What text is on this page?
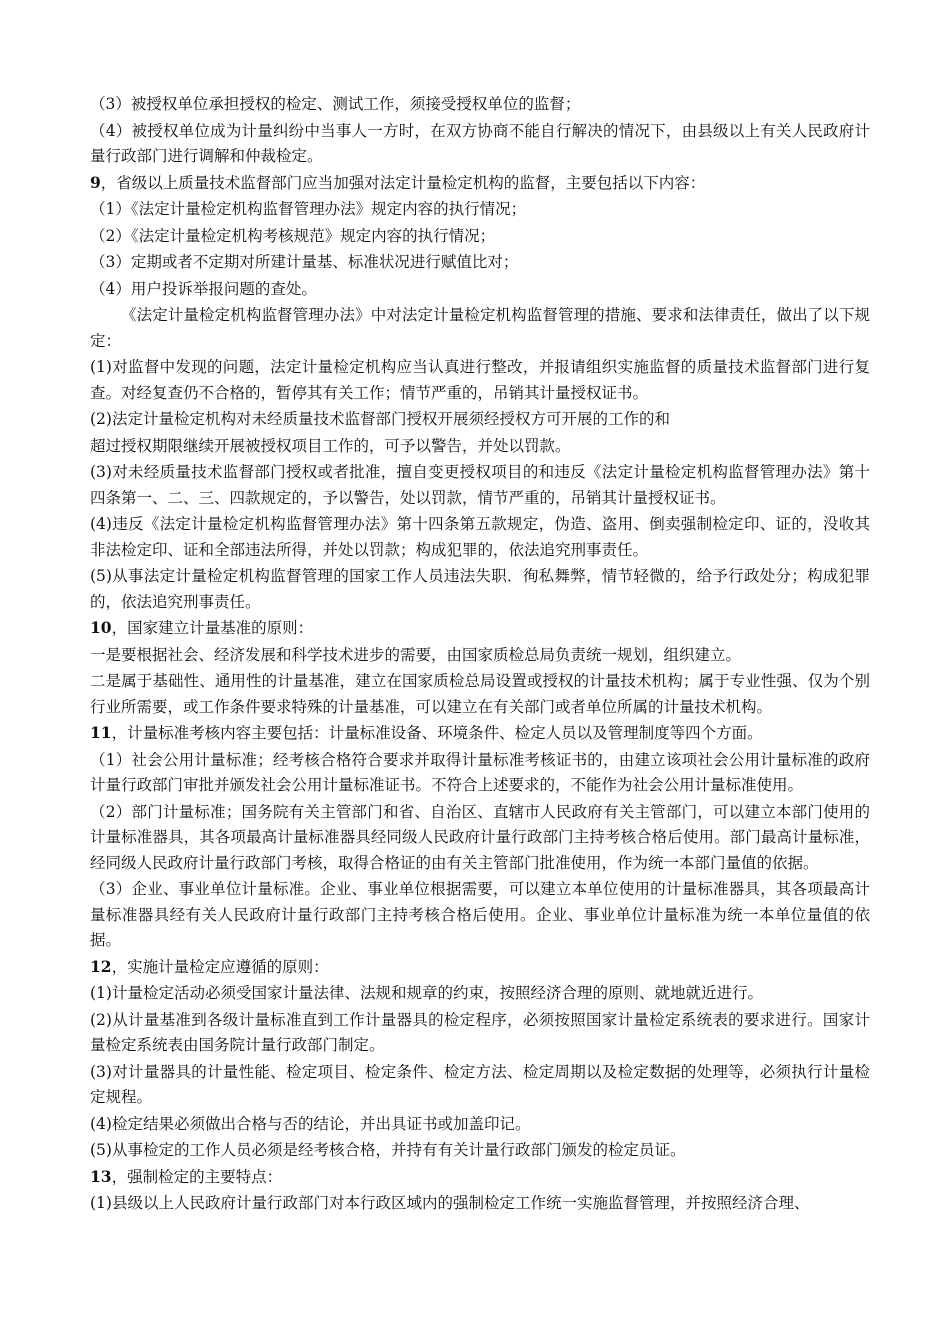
（3）被授权单位承担授权的检定、测试工作，须接受授权单位的监督；

（4）被授权单位成为计量纠纷中当事人一方时，在双方协商不能自行解决的情况下，由县级以上有关人民政府计量行政部门进行调解和仲裁检定。

9，省级以上质量技术监督部门应当加强对法定计量检定机构的监督，主要包括以下内容：

（1）《法定计量检定机构监督管理办法》规定内容的执行情况；

（2）《法定计量检定机构考核规范》规定内容的执行情况；

（3）定期或者不定期对所建计量基、标准状况进行赋值比对；

（4）用户投诉举报问题的查处。

《法定计量检定机构监督管理办法》中对法定计量检定机构监督管理的措施、要求和法律责任，做出了以下规定：

(1)对监督中发现的问题，法定计量检定机构应当认真进行整改，并报请组织实施监督的质量技术监督部门进行复查。对经复查仍不合格的，暂停其有关工作；情节严重的，吊销其计量授权证书。

(2)法定计量检定机构对未经质量技术监督部门授权开展须经授权方可开展的工作的和

超过授权期限继续开展被授权项目工作的，可予以警告，并处以罚款。

(3)对未经质量技术监督部门授权或者批准，擅自变更授权项目的和违反《法定计量检定机构监督管理办法》第十四条第一、二、三、四款规定的，予以警告，处以罚款，情节严重的，吊销其计量授权证书。

(4)违反《法定计量检定机构监督管理办法》第十四条第五款规定，伪造、盗用、倒卖强制检定印、证的，没收其非法检定印、证和全部违法所得，并处以罚款；构成犯罪的，依法追究刑事责任。

(5)从事法定计量检定机构监督管理的国家工作人员违法失职．徇私舞弊，情节轻微的，给予行政处分；构成犯罪的，依法追究刑事责任。

10，国家建立计量基准的原则：

一是要根据社会、经济发展和科学技术进步的需要，由国家质检总局负责统一规划，组织建立。

二是属于基础性、通用性的计量基准，建立在国家质检总局设置或授权的计量技术机构；属于专业性强、仅为个别行业所需要，或工作条件要求特殊的计量基准，可以建立在有关部门或者单位所属的计量技术机构。

11，计量标准考核内容主要包括：计量标准设备、环境条件、检定人员以及管理制度等四个方面。

（1）社会公用计量标准；经考核合格符合要求并取得计量标准考核证书的，由建立该项社会公用计量标准的政府计量行政部门审批并颁发社会公用计量标准证书。不符合上述要求的，不能作为社会公用计量标准使用。

（2）部门计量标准；国务院有关主管部门和省、自治区、直辖市人民政府有关主管部门，可以建立本部门使用的计量标准器具，其各项最高计量标准器具经同级人民政府计量行政部门主持考核合格后使用。部门最高计量标准，经同级人民政府计量行政部门考核，取得合格证的由有关主管部门批准使用，作为统一本部门量值的依据。

（3）企业、事业单位计量标准。企业、事业单位根据需要，可以建立本单位使用的计量标准器具，其各项最高计量标准器具经有关人民政府计量行政部门主持考核合格后使用。企业、事业单位计量标准为统一本单位量值的依据。

12，实施计量检定应遵循的原则：

(1)计量检定活动必须受国家计量法律、法规和规章的约束，按照经济合理的原则、就地就近进行。

(2)从计量基准到各级计量标准直到工作计量器具的检定程序，必须按照国家计量检定系统表的要求进行。国家计量检定系统表由国务院计量行政部门制定。

(3)对计量器具的计量性能、检定项目、检定条件、检定方法、检定周期以及检定数据的处理等，必须执行计量检定规程。

(4)检定结果必须做出合格与否的结论，并出具证书或加盖印记。

(5)从事检定的工作人员必须是经考核合格，并持有有关计量行政部门颁发的检定员证。

13，强制检定的主要特点：

(1)县级以上人民政府计量行政部门对本行政区域内的强制检定工作统一实施监督管理，并按照经济合理、
